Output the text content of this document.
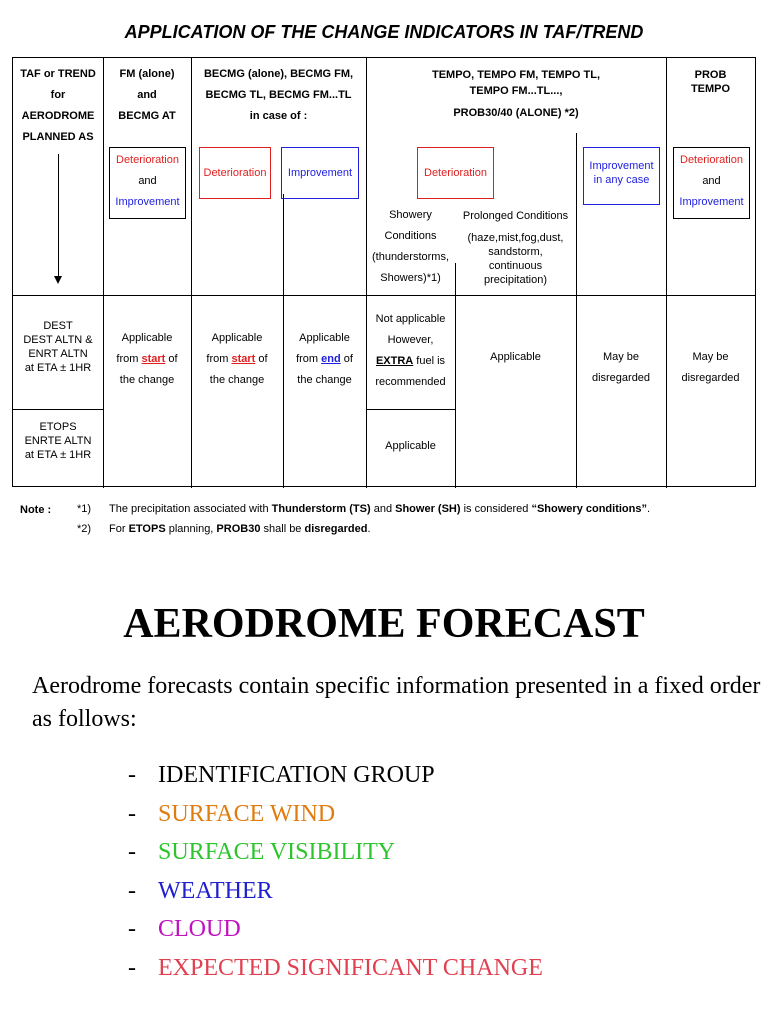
APPLICATION OF THE CHANGE INDICATORS IN TAF/TREND
TAF or TREND
for
AERODROME
PLANNED AS
FM (alone)
and
BECMG AT
Deterioration
and
Improvement
BECMG (alone), BECMG FM,
BECMG TL, BECMG FM...TL
in case of :
Deterioration	Improvement
TEMPO, TEMPO FM, TEMPO TL,
TEMPO FM...TL...,
PROB30/40 (ALONE) *2)
Deterioration
Improvement
in any case
Showery
Conditions
(thunderstorms,
Showers)*1)
Prolonged Conditions
(haze,mist,fog,dust,
sandstorm,
continuous
precipitation)
PROB
TEMPO
Deterioration
and
Improvement
DEST
DEST ALTN &
ENRT ALTN
at ETA ± 1HR
ETOPS
ENRTE ALTN
at ETA ± 1HR
Applicable
from start of
the change
Applicable
from start of
the change
Applicable
from end of
the change
Not applicable
However,
EXTRA fuel is
recommended
Applicable
Applicable	May be
disregarded
May be
disregarded
Note : *1) The precipitation associated with Thunderstorm (TS) and Shower (SH) is considered “Showery conditions”.
*2) For ETOPS planning, PROB30 shall be disregarded.
AERODROME FORECAST
Aerodrome forecasts contain specific information presented in a fixed order as follows:
- IDENTIFICATION GROUP
- SURFACE WIND
- SURFACE VISIBILITY
- WEATHER
- CLOUD
- EXPECTED SIGNIFICANT CHANGE
